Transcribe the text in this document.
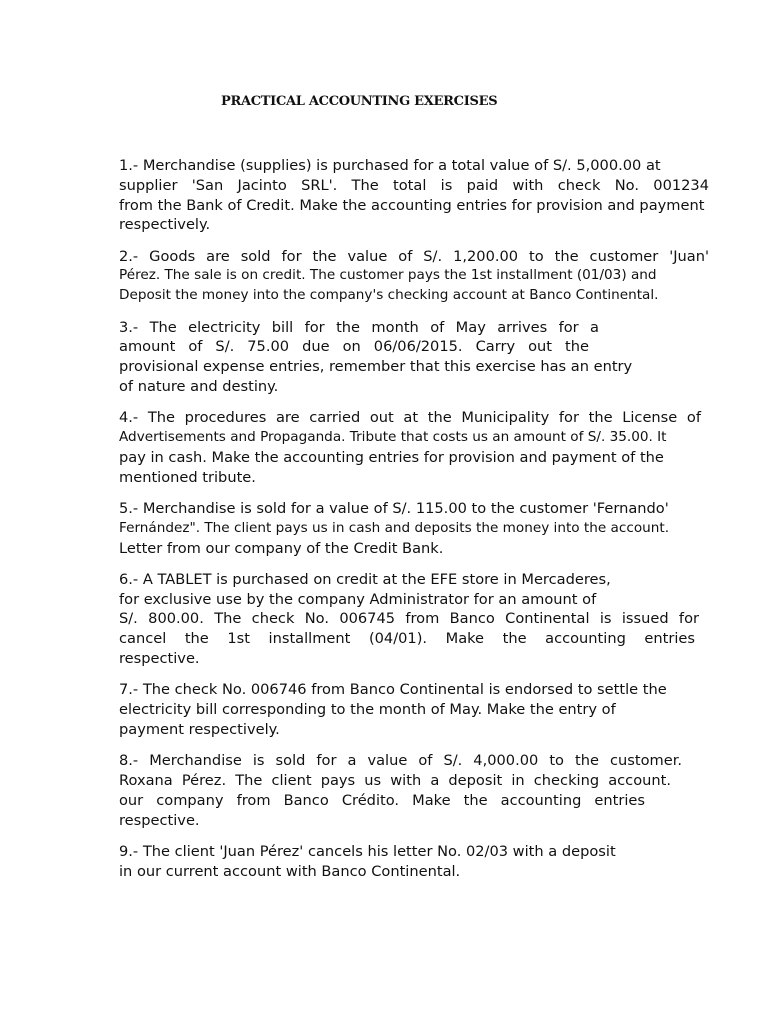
PRACTICAL ACCOUNTING EXERCISES
1.- Merchandise (supplies) is purchased for a total value of S/. 5,000.00 at
supplier 'San Jacinto SRL'. The total is paid with check No. 001234
from the Bank of Credit. Make the accounting entries for provision and payment
respectively.
2.- Goods are sold for the value of S/. 1,200.00 to the customer 'Juan'
Pérez. The sale is on credit. The customer pays the 1st installment (01/03) and
Deposit the money into the company's checking account at Banco Continental.
3.- The electricity bill for the month of May arrives for a
amount of S/. 75.00 due on 06/06/2015. Carry out the
provisional expense entries, remember that this exercise has an entry
of nature and destiny.
4.- The procedures are carried out at the Municipality for the License of
Advertisements and Propaganda. Tribute that costs us an amount of S/. 35.00. It
pay in cash. Make the accounting entries for provision and payment of the
mentioned tribute.
5.- Merchandise is sold for a value of S/. 115.00 to the customer 'Fernando'
Fernández". The client pays us in cash and deposits the money into the account.
Letter from our company of the Credit Bank.
6.- A TABLET is purchased on credit at the EFE store in Mercaderes,
for exclusive use by the company Administrator for an amount of
S/. 800.00. The check No. 006745 from Banco Continental is issued for
cancel the 1st installment (04/01). Make the accounting entries
respective.
7.- The check No. 006746 from Banco Continental is endorsed to settle the
electricity bill corresponding to the month of May. Make the entry of
payment respectively.
8.- Merchandise is sold for a value of S/. 4,000.00 to the customer.
Roxana Pérez. The client pays us with a deposit in checking account.
our company from Banco Crédito. Make the accounting entries
respective.
9.- The client 'Juan Pérez' cancels his letter No. 02/03 with a deposit
in our current account with Banco Continental.
